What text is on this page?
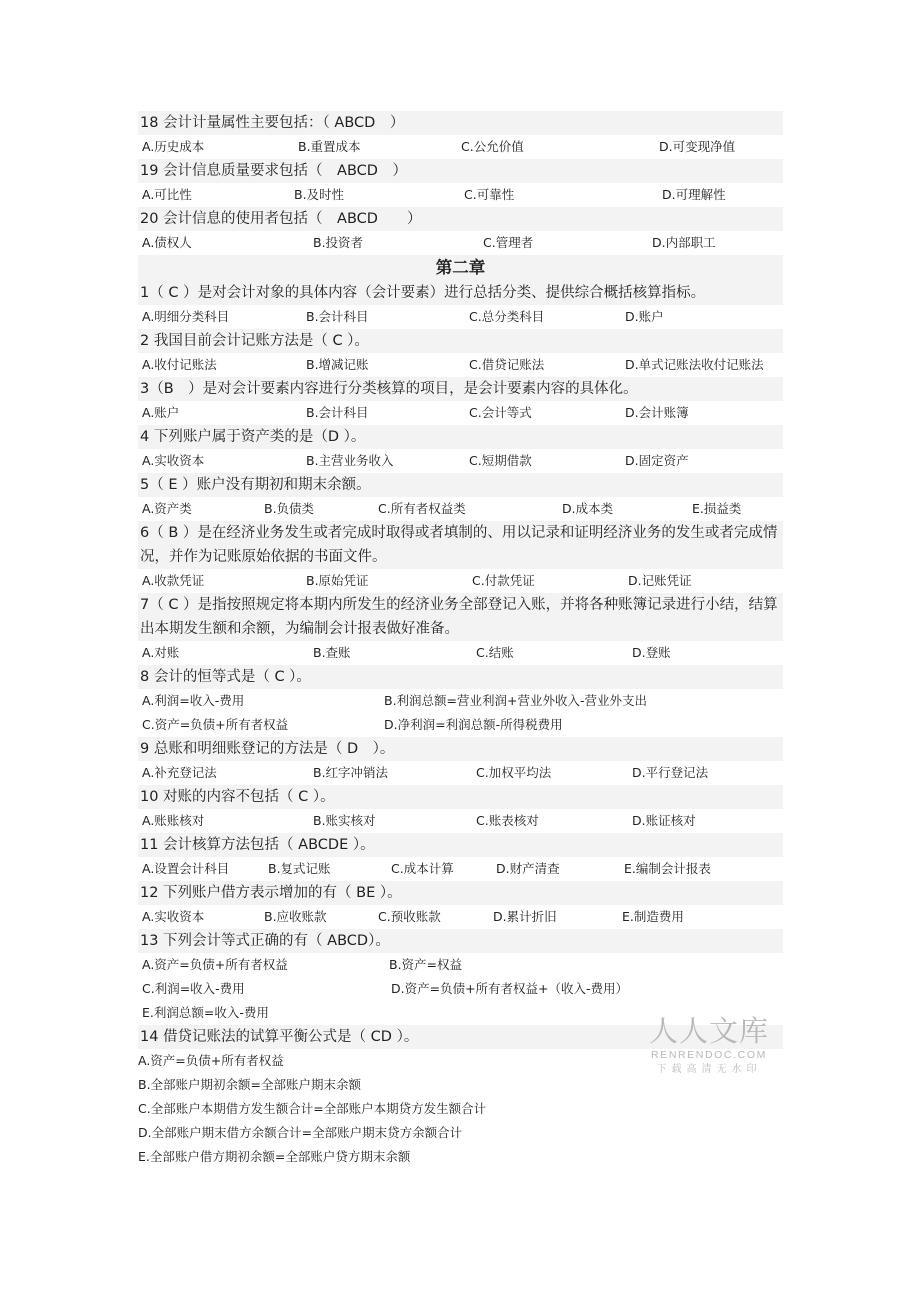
18 会计计量属性主要包括：（ ABCD　）
A.历史成本	B.重置成本	C.公允价值	D.可变现净值
19 会计信息质量要求包括（　ABCD　）
A.可比性	B.及时性	C.可靠性	D.可理解性
20 会计信息的使用者包括（　ABCD　　）
A.债权人	B.投资者	C.管理者	D.内部职工
第二章
1（ C ）是对会计对象的具体内容（会计要素）进行总括分类、提供综合概括核算指标。
A.明细分类科目	B.会计科目	C.总分类科目	D.账户
2 我国目前会计记账方法是（ C ）。
A.收付记账法	B.增减记账	C.借贷记账法	D.单式记账法收付记账法
3（B　）是对会计要素内容进行分类核算的项目，是会计要素内容的具体化。
A.账户	B.会计科目	C.会计等式	D.会计账簿
4 下列账户属于资产类的是（D ）。
A.实收资本	B.主营业务收入	C.短期借款	D.固定资产
5（ E ）账户没有期初和期末余额。
A.资产类	B.负债类	C.所有者权益类	D.成本类	E.损益类
6（ B ）是在经济业务发生或者完成时取得或者填制的、用以记录和证明经济业务的发生或者完成情况，并作为记账原始依据的书面文件。
A.收款凭证	B.原始凭证	C.付款凭证	D.记账凭证
7（ C ）是指按照规定将本期内所发生的经济业务全部登记入账，并将各种账簿记录进行小结，结算出本期发生额和余额，为编制会计报表做好准备。
A.对账	B.查账	C.结账	D.登账
8 会计的恒等式是（ C ）。
A.利润=收入-费用	B.利润总额=营业利润+营业外收入-营业外支出
C.资产=负债+所有者权益	D.净利润=利润总额-所得税费用
9 总账和明细账登记的方法是（ D　）。
A.补充登记法	B.红字冲销法	C.加权平均法	D.平行登记法
10 对账的内容不包括（ C ）。
A.账账核对	B.账实核对	C.账表核对	D.账证核对
11 会计核算方法包括（ ABCDE ）。
A.设置会计科目	B.复式记账	C.成本计算	D.财产清查	E.编制会计报表
12 下列账户借方表示增加的有（ BE ）。
A.实收资本	B.应收账款	C.预收账款	D.累计折旧	E.制造费用
13 下列会计等式正确的有（ ABCD）。
A.资产=负债+所有者权益	B.资产=权益
C.利润=收入-费用	D.资产=负债+所有者权益+（收入-费用）
E.利润总额=收入-费用
14 借贷记账法的试算平衡公式是（ CD ）。
A.资产=负债+所有者权益
B.全部账户期初余额=全部账户期末余额
C.全部账户本期借方发生额合计=全部账户本期贷方发生额合计
D.全部账户期末借方余额合计=全部账户期末贷方余额合计
E.全部账户借方期初余额=全部账户贷方期末余额
人人文库
RENRENDOC.COM
下载高清无水印
